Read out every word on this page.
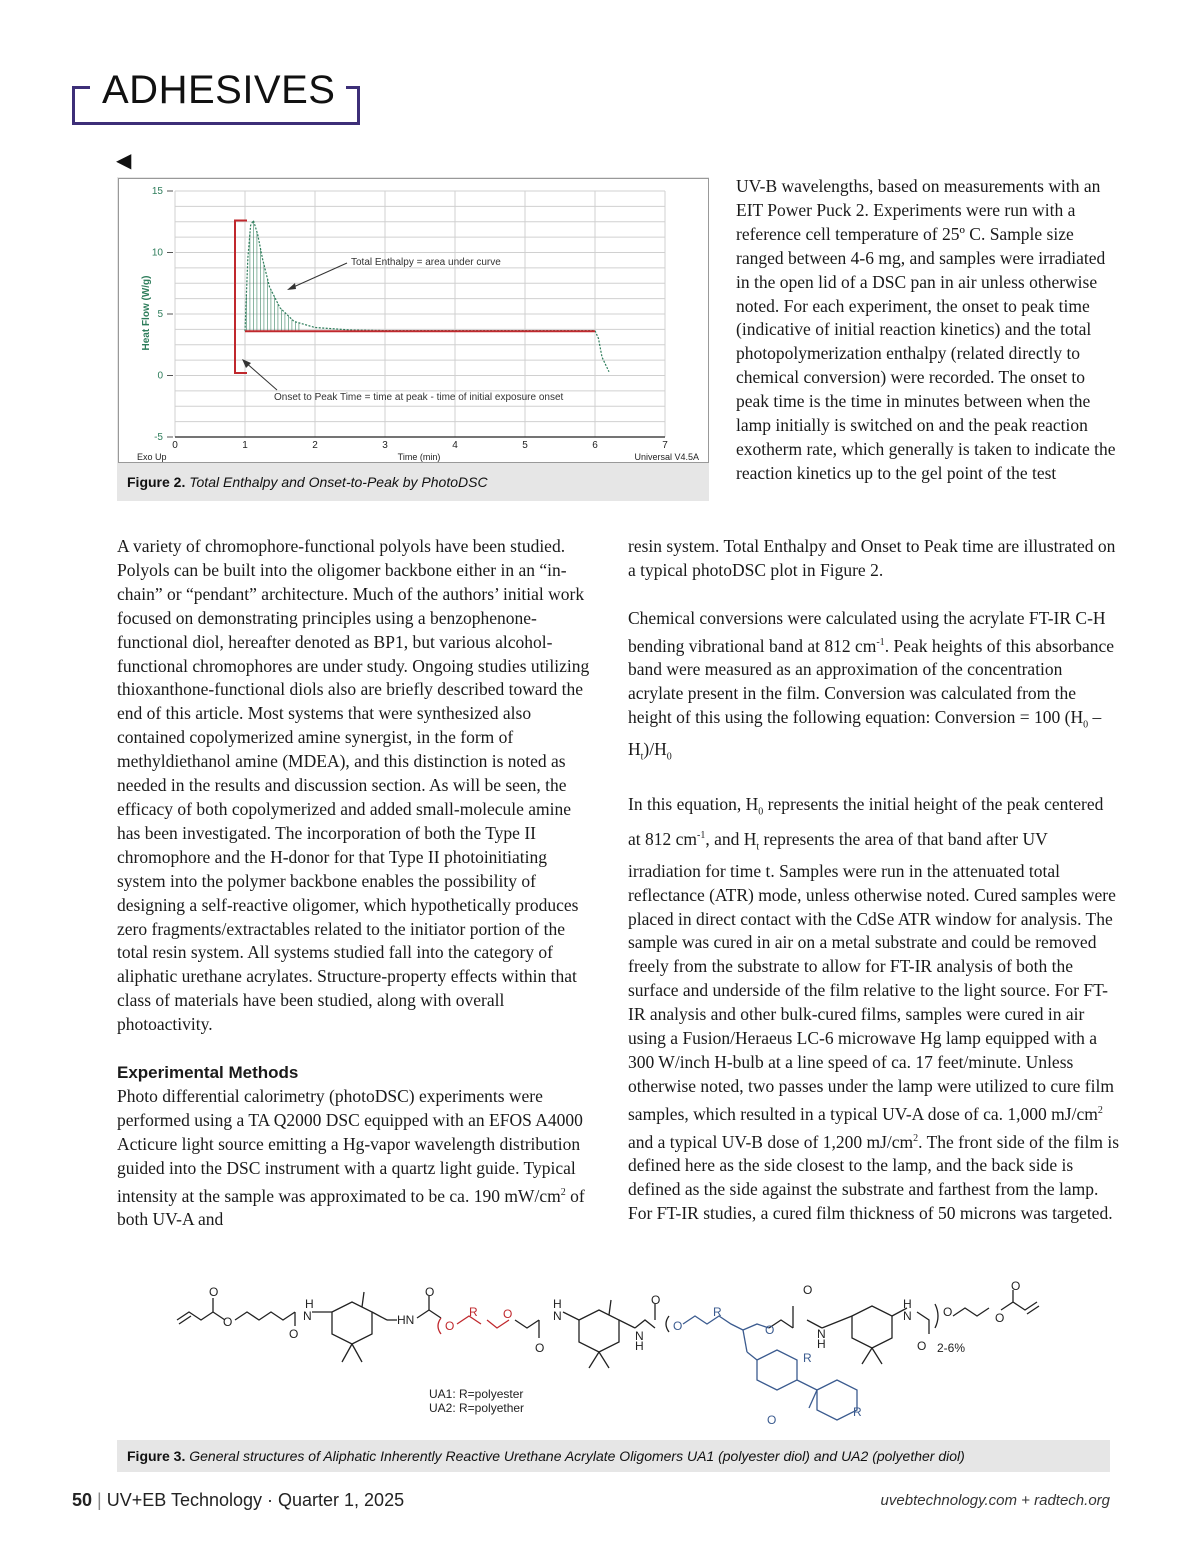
ADHESIVES
◀
0	1	2	3	4	5	6	7
15
10
5
0
-5
Heat Flow (W/g)
Time (min)
Exo Up	Universal V4.5A
Total Enthalpy = area under curve
Onset to Peak Time = time at peak - time of initial exposure onset
Figure 2. Total Enthalpy and Onset-to-Peak by PhotoDSC

UV-B wavelengths, based on measurements with an EIT Power Puck 2. Experiments were run with a reference cell temperature of 25º C. Sample size ranged between 4-6 mg, and samples were irradiated in the open lid of a DSC pan in air unless otherwise noted. For each experiment, the onset to peak time (indicative of initial reaction kinetics) and the total photopolymerization enthalpy (related directly to chemical conversion) were recorded. The onset to peak time is the time in minutes between when the lamp initially is switched on and the peak reaction exotherm rate, which generally is taken to indicate the reaction kinetics up to the gel point of the test

A variety of chromophore-functional polyols have been studied. Polyols can be built into the oligomer backbone either in an “in-chain” or “pendant” architecture. Much of the authors’ initial work focused on demonstrating principles using a benzophenone-functional diol, hereafter denoted as BP1, but various alcohol-functional chromophores are under study. Ongoing studies utilizing thioxanthone-functional diols also are briefly described toward the end of this article. Most systems that were synthesized also contained copolymerized amine synergist, in the form of methyldiethanol amine (MDEA), and this distinction is noted as needed in the results and discussion section. As will be seen, the efficacy of both copolymerized and added small-molecule amine has been investigated. The incorporation of both the Type II chromophore and the H-donor for that Type II photoinitiating system into the polymer backbone enables the possibility of designing a self-reactive oligomer, which hypothetically produces zero fragments/extractables related to the initiator portion of the total resin system. All systems studied fall into the category of aliphatic urethane acrylates. Structure-property effects within that class of materials have been studied, along with overall photoactivity.

Experimental Methods

Photo differential calorimetry (photoDSC) experiments were performed using a TA Q2000 DSC equipped with an EFOS A4000 Acticure light source emitting a Hg-vapor wavelength distribution guided into the DSC instrument with a quartz light guide. Typical intensity at the sample was approximated to be ca. 190 $mW/cm^2$ of both UV-A and

resin system. Total Enthalpy and Onset to Peak time are illustrated on a typical photoDSC plot in Figure 2.

Chemical conversions were calculated using the acrylate FT-IR C-H bending vibrational band at 812 $cm^{-1}$. Peak heights of this absorbance band were measured as an approximation of the concentration acrylate present in the film. Conversion was calculated from the height of this using the following equation: Conversion = 100 $(H_0 - H_t)/H_0$

In this equation, $H_0$ represents the initial height of the peak centered at 812 $cm^{-1}$, and $H_t$ represents the area of that band after UV irradiation for time t. Samples were run in the attenuated total reflectance (ATR) mode, unless otherwise noted. Cured samples were placed in direct contact with the CdSe ATR window for analysis. The sample was cured in air on a metal substrate and could be removed freely from the substrate to allow for FT-IR analysis of both the surface and underside of the film relative to the light source. For FT-IR analysis and other bulk-cured films, samples were cured in air using a Fusion/Heraeus LC-6 microwave Hg lamp equipped with a 300 W/inch H-bulb at a line speed of ca. 17 feet/minute. Unless otherwise noted, two passes under the lamp were utilized to cure film samples, which resulted in a typical UV-A dose of ca. 1,000 $mJ/cm^2$ and a typical UV-B dose of 1,200 $mJ/cm^2$. The front side of the film is defined here as the side closest to the lamp, and the back side is defined as the side against the substrate and farthest from the lamp. For FT-IR studies, a cured film thickness of 50 microns was targeted.

O
O
O
H
N	HN
O
O
H
N
O
N
H
O
N
H
H
N
O
O	O
O
O
R O
O
R
O
R
O
R
2-6%
UA1: R=polyester
UA2: R=polyether
Figure 3. General structures of Aliphatic Inherently Reactive Urethane Acrylate Oligomers UA1 (polyester diol) and UA2 (polyether diol)
50 | UV+EB Technology · Quarter 1, 2025	uvebtechnology.com + radtech.org
